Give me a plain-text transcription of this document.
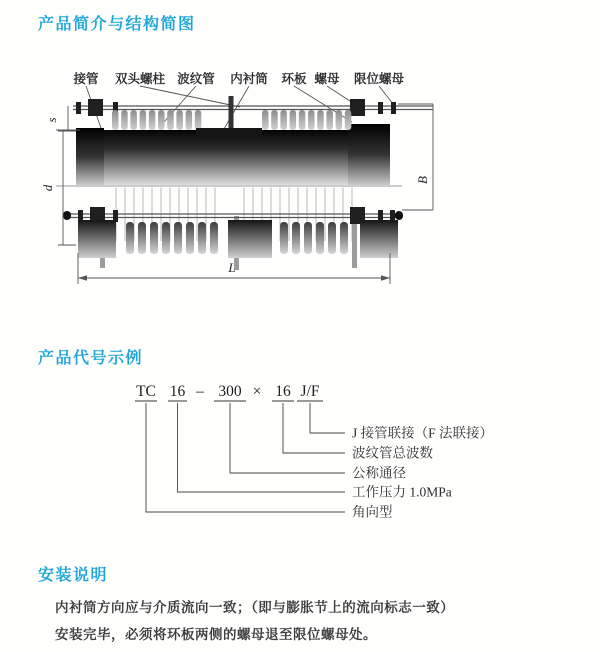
产品简介与结构简图
接管 双头螺柱 波纹管 内衬筒 环板 螺母 限位螺母
s
d
B
L
产品代号示例
TC 16 – 300 × 16 J/F
J 接管联接（F 法联接）
波纹管总波数
公称通径
工作压力 1.0MPa
角向型
安装说明

内衬筒方向应与介质流向一致；（即与膨胀节上的流向标志一致）

安装完毕，必须将环板两侧的螺母退至限位螺母处。
